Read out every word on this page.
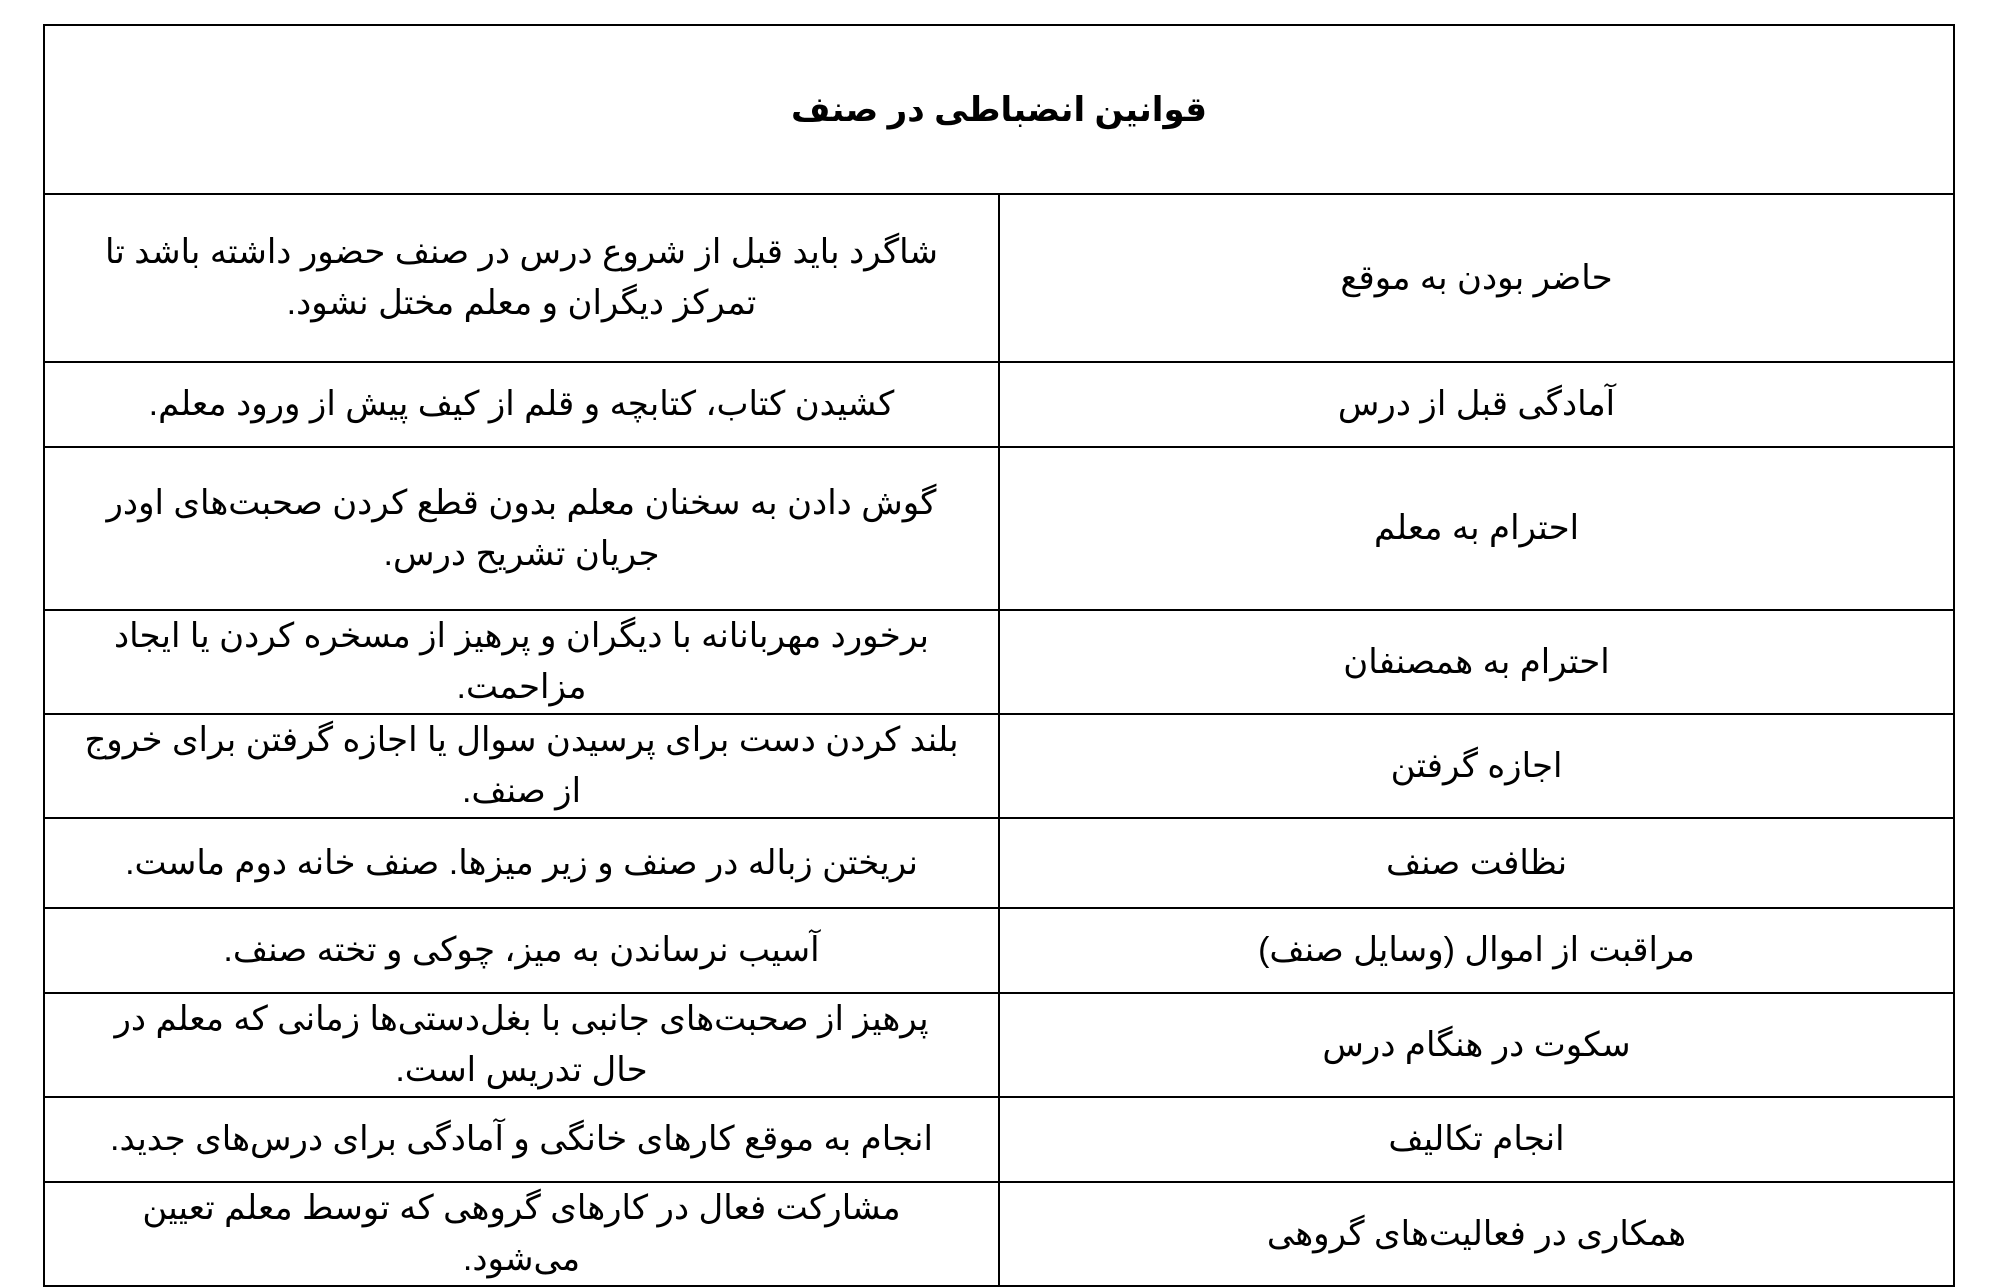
قوانین انضباطی در صنف	
حاضر بودن به موقع	شاگرد باید قبل از شروع درس در صنف حضور داشته باشد تا تمرکز دیگران و معلم مختل نشود.
آمادگی قبل از درس	کشیدن کتاب، کتابچه و قلم از کیف پیش از ورود معلم.
احترام به معلم	گوش دادن به سخنان معلم بدون قطع کردن صحبت‌های اودر جریان تشریح درس.
احترام به همصنفان	برخورد مهربانانه با دیگران و پرهیز از مسخره کردن یا ایجاد مزاحمت.
اجازه گرفتن	بلند کردن دست برای پرسیدن سوال یا اجازه گرفتن برای خروج از صنف.
نظافت صنف	نریختن زباله در صنف و زیر میزها. صنف خانه دوم ماست.
مراقبت از اموال (وسایل صنف)	آسیب نرساندن به میز، چوکی و تخته صنف.
سکوت در هنگام درس	پرهیز از صحبت‌های جانبی با بغل‌دستی‌ها زمانی که معلم در حال تدریس است.
انجام تکالیف	انجام به موقع کارهای خانگی و آمادگی برای درس‌های جدید.
همکاری در فعالیت‌های گروهی	مشارکت فعال در کارهای گروهی که توسط معلم تعیین می‌شود.
